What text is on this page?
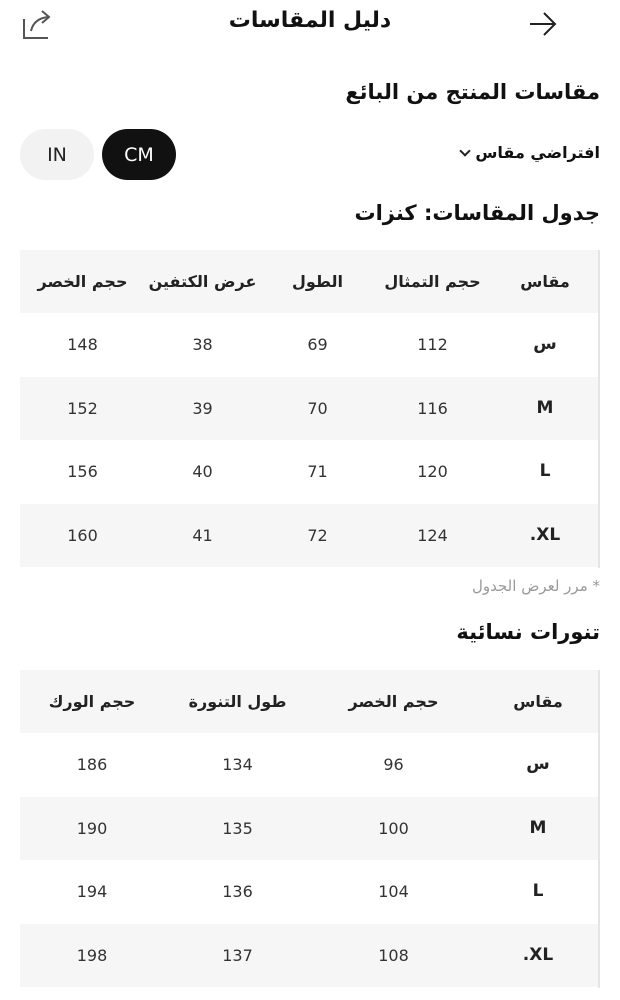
دليل المقاسات
مقاسات المنتج من البائع
IN	CM	افتراضي مقاس
جدول المقاسات: كنزات
مقاس
حجم التمثال
الطول
عرض الكتفين
حجم الخصر
س
112
69
38
148
M
116
70
39
152
L
120
71
40
156
XL.
124
72
41
160
* مرر لعرض الجدول
تنورات نسائية
مقاس
حجم الخصر
طول التنورة
حجم الورك
س
96
134
186
M
100
135
190
L
104
136
194
XL.
108
137
198
